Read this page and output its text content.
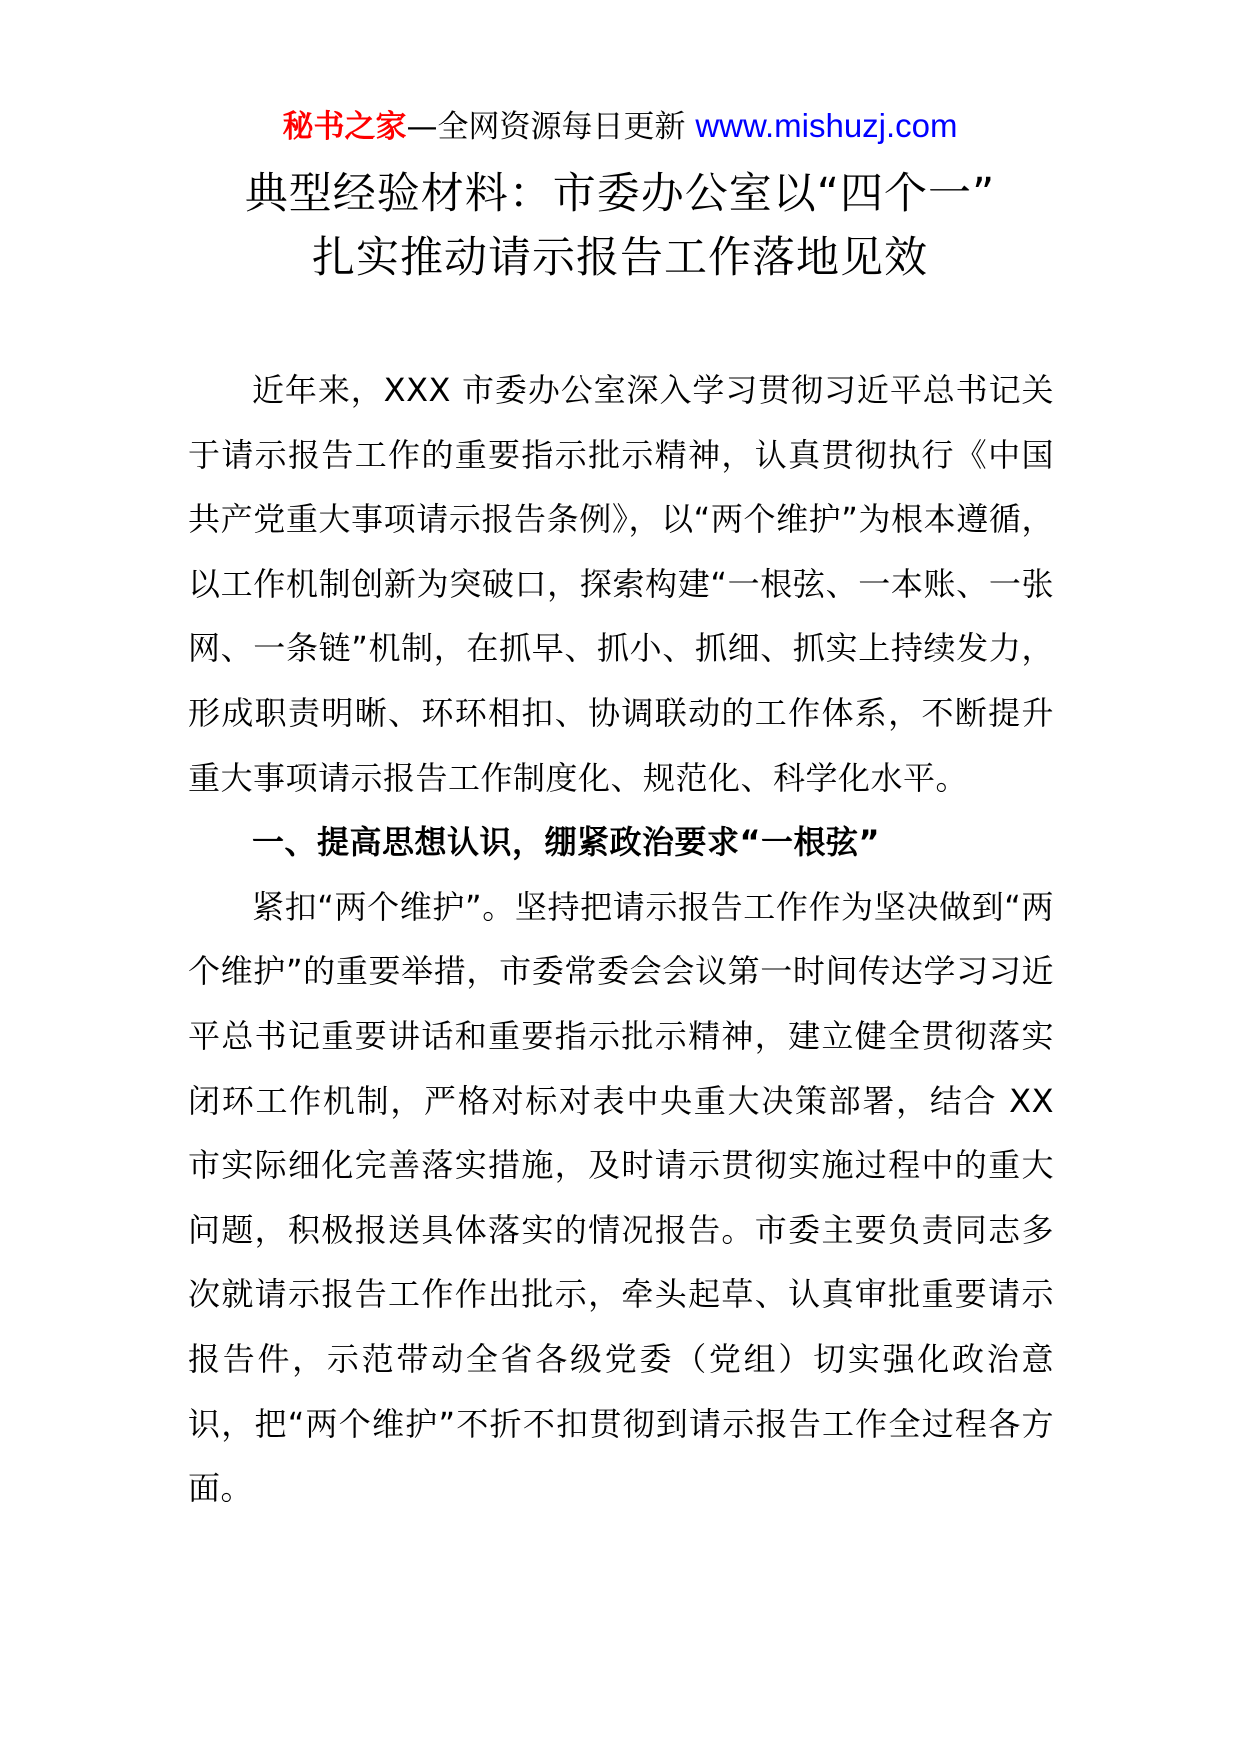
秘书之家—全网资源每日更新 www.mishuzj.com
典型经验材料：市委办公室以“四个一”
扎实推动请示报告工作落地见效

近年来，XXX 市委办公室深入学习贯彻习近平总书记关于请示报告工作的重要指示批示精神，认真贯彻执行《中国共产党重大事项请示报告条例》，以“两个维护”为根本遵循，以工作机制创新为突破口，探索构建“一根弦、一本账、一张网、一条链”机制，在抓早、抓小、抓细、抓实上持续发力，形成职责明晰、环环相扣、协调联动的工作体系，不断提升重大事项请示报告工作制度化、规范化、科学化水平。

一、提高思想认识，绷紧政治要求“一根弦”

紧扣“两个维护”。坚持把请示报告工作作为坚决做到“两个维护”的重要举措，市委常委会会议第一时间传达学习习近平总书记重要讲话和重要指示批示精神，建立健全贯彻落实闭环工作机制，严格对标对表中央重大决策部署，结合 XX 市实际细化完善落实措施，及时请示贯彻实施过程中的重大问题，积极报送具体落实的情况报告。市委主要负责同志多次就请示报告工作作出批示，牵头起草、认真审批重要请示报告件，示范带动全省各级党委（党组）切实强化政治意识，把“两个维护”不折不扣贯彻到请示报告工作全过程各方面。
